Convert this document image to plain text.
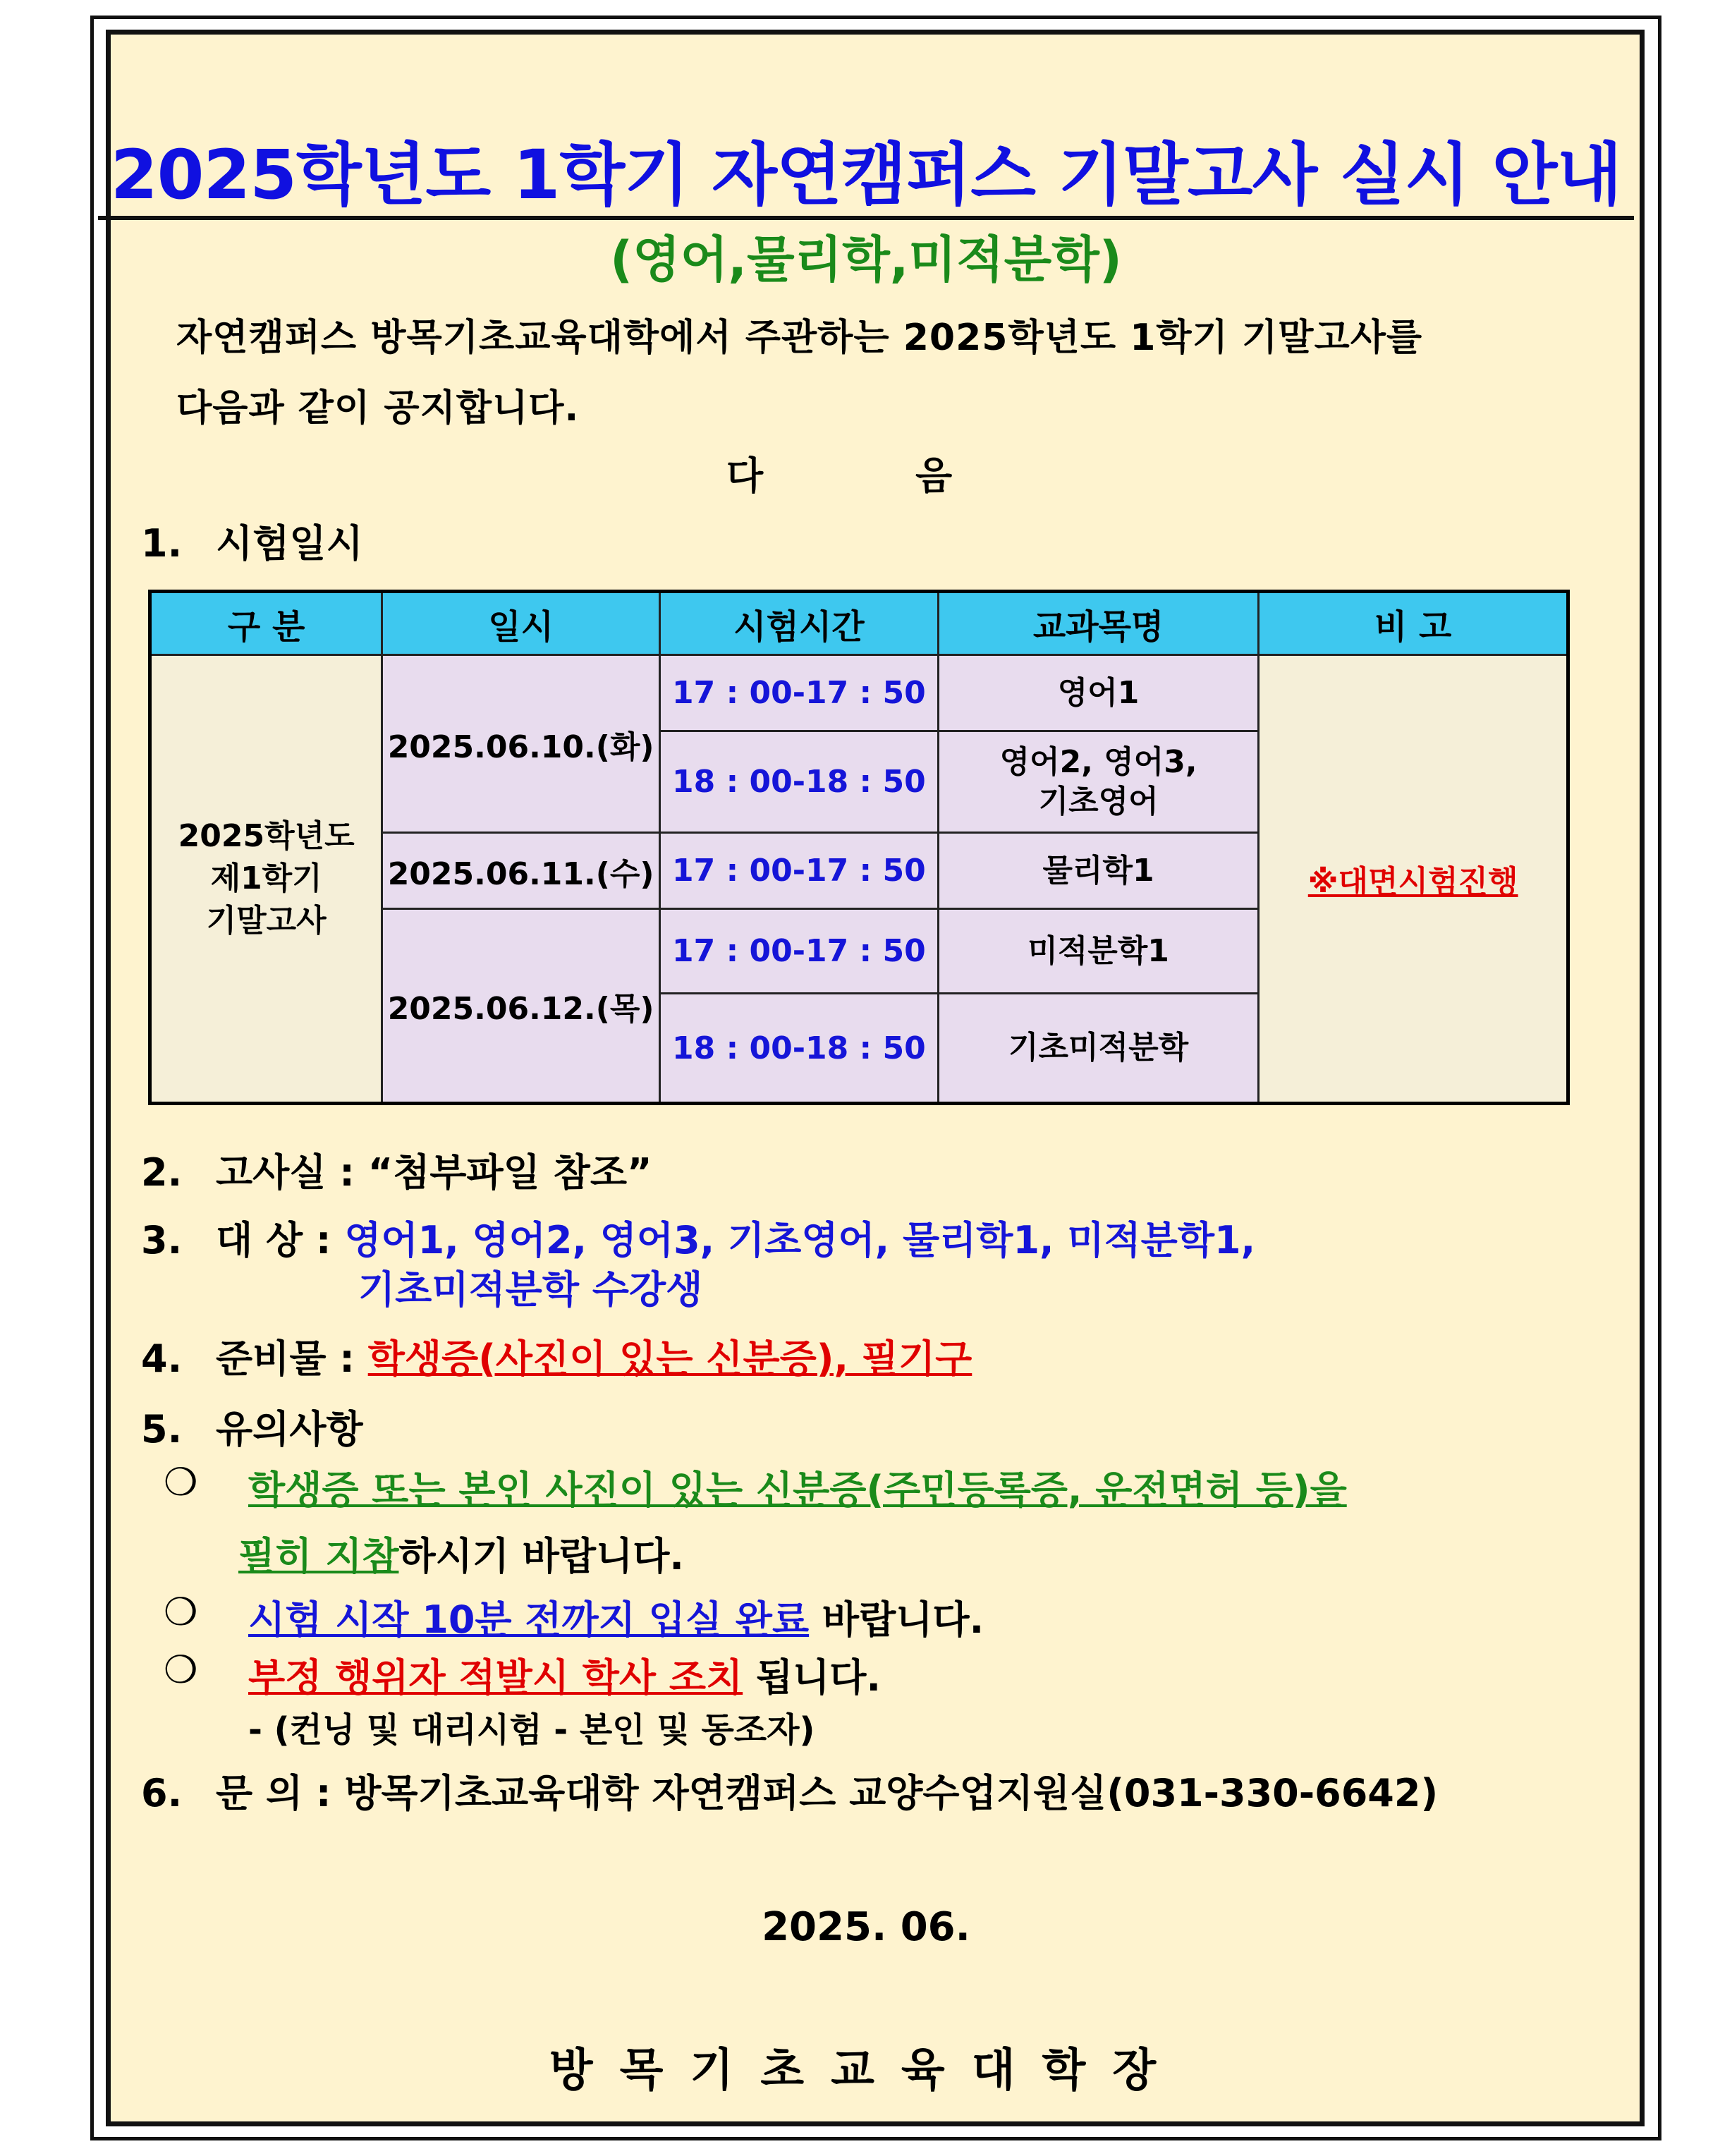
2025학년도 1학기 자연캠퍼스 기말고사 실시 안내
(영어,물리학,미적분학)
자연캠퍼스 방목기초교육대학에서 주관하는 2025학년도 1학기 기말고사를
다음과 같이 공지합니다.
다	음
1. 시험일시
구 분	일시	시험시간	교과목명	비 고

2025학년도
제1학기
기말고사	2025.06.10.(화)	17 : 00-17 : 50	영어1	※대면시험진행
		18 : 00-18 : 50	영어2, 영어3,
기초영어	

	2025.06.11.(수)	17 : 00-17 : 50	물리학1	
	2025.06.12.(목)	17 : 00-17 : 50	미적분학1	
		18 : 00-18 : 50	기초미적분학	
2. 고사실 : “첨부파일 참조”
3. 대 상 : 영어1, 영어2, 영어3, 기초영어, 물리학1, 미적분학1,
기초미적분학 수강생
4. 준비물 : 학생증(사진이 있는 신분증), 필기구
5. 유의사항
❍ 학생증 또는 본인 사진이 있는 신분증(주민등록증, 운전면허 등)을
필히 지참하시기 바랍니다.
❍ 시험 시작 10분 전까지 입실 완료 바랍니다.
❍ 부정 행위자 적발시 학사 조치 됩니다.
- (컨닝 및 대리시험 - 본인 및 동조자)
6. 문 의 : 방목기초교육대학 자연캠퍼스 교양수업지원실(031-330-6642)
2025. 06.
방목기초교육대학장
